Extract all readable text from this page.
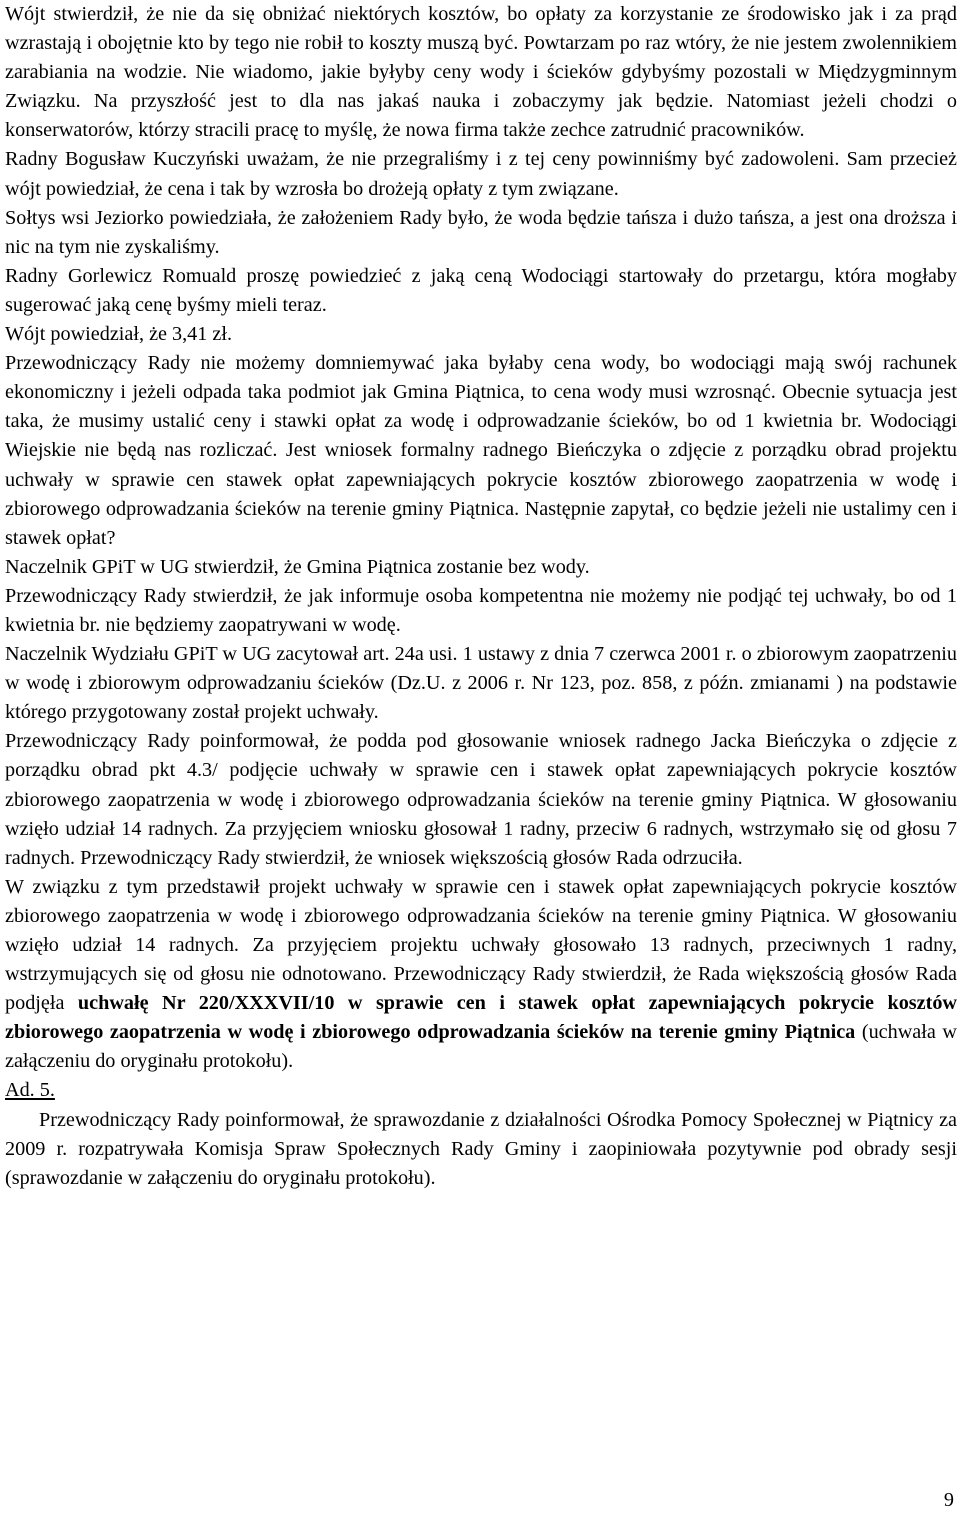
Wójt stwierdził, że nie da się obniżać niektórych kosztów, bo opłaty za korzystanie ze środowisko jak i za prąd wzrastają i obojętnie kto by tego nie robił to koszty muszą być. Powtarzam po raz wtóry, że nie jestem zwolennikiem zarabiania na wodzie. Nie wiadomo, jakie byłyby ceny wody i ścieków gdybyśmy pozostali w Międzygminnym Związku. Na przyszłość jest to dla nas jakaś nauka i zobaczymy jak będzie. Natomiast jeżeli chodzi o konserwatorów, którzy stracili pracę to myślę, że nowa firma także zechce zatrudnić pracowników.

Radny Bogusław Kuczyński uważam, że nie przegraliśmy i z tej ceny powinniśmy być zadowoleni. Sam przecież wójt powiedział, że cena i tak by wzrosła bo drożeją opłaty z tym związane.

Sołtys wsi Jeziorko powiedziała, że założeniem Rady było, że woda będzie tańsza i dużo tańsza, a jest ona droższa i nic na tym nie zyskaliśmy.

Radny Gorlewicz Romuald proszę powiedzieć z jaką ceną Wodociągi startowały do przetargu, która mogłaby sugerować jaką cenę byśmy mieli teraz.

Wójt powiedział, że 3,41 zł.

Przewodniczący Rady nie możemy domniemywać jaka byłaby cena wody, bo wodociągi mają swój rachunek ekonomiczny i jeżeli odpada taka podmiot jak Gmina Piątnica, to cena wody musi wzrosnąć. Obecnie sytuacja jest taka, że musimy ustalić ceny i stawki opłat za wodę i odprowadzanie ścieków, bo od 1 kwietnia br. Wodociągi Wiejskie nie będą nas rozliczać. Jest wniosek formalny radnego Bieńczyka o zdjęcie z porządku obrad projektu uchwały w sprawie cen stawek opłat zapewniających pokrycie kosztów zbiorowego zaopatrzenia w wodę i zbiorowego odprowadzania ścieków na terenie gminy Piątnica. Następnie zapytał, co będzie jeżeli nie ustalimy cen i stawek opłat?

Naczelnik GPiT w UG stwierdził, że Gmina Piątnica zostanie bez wody.

Przewodniczący Rady stwierdził, że jak informuje osoba kompetentna nie możemy nie podjąć tej uchwały, bo od 1 kwietnia br. nie będziemy zaopatrywani w wodę.

Naczelnik Wydziału GPiT w UG zacytował art. 24a usi. 1 ustawy z dnia 7 czerwca 2001 r. o zbiorowym zaopatrzeniu w wodę i zbiorowym odprowadzaniu ścieków (Dz.U. z 2006 r. Nr 123, poz. 858, z późn. zmianami ) na podstawie którego przygotowany został projekt uchwały.

Przewodniczący Rady poinformował, że podda pod głosowanie wniosek radnego Jacka Bieńczyka o zdjęcie z porządku obrad pkt 4.3/ podjęcie uchwały w sprawie cen i stawek opłat zapewniających pokrycie kosztów zbiorowego zaopatrzenia w wodę i zbiorowego odprowadzania ścieków na terenie gminy Piątnica. W głosowaniu wzięło udział 14 radnych. Za przyjęciem wniosku głosował 1 radny, przeciw 6 radnych, wstrzymało się od głosu 7 radnych. Przewodniczący Rady stwierdził, że wniosek większością głosów Rada odrzuciła.

W związku z tym przedstawił projekt uchwały w sprawie cen i stawek opłat zapewniających pokrycie kosztów zbiorowego zaopatrzenia w wodę i zbiorowego odprowadzania ścieków na terenie gminy Piątnica. W głosowaniu wzięło udział 14 radnych. Za przyjęciem projektu uchwały głosowało 13 radnych, przeciwnych 1 radny, wstrzymujących się od głosu nie odnotowano. Przewodniczący Rady stwierdził, że Rada większością głosów Rada podjęła uchwałę Nr 220/XXXVII/10 w sprawie cen i stawek opłat zapewniających pokrycie kosztów zbiorowego zaopatrzenia w wodę i zbiorowego odprowadzania ścieków na terenie gminy Piątnica (uchwała w załączeniu do oryginału protokołu).

Ad. 5.

Przewodniczący Rady poinformował, że sprawozdanie z działalności Ośrodka Pomocy Społecznej w Piątnicy za 2009 r. rozpatrywała Komisja Spraw Społecznych Rady Gminy i zaopiniowała pozytywnie pod obrady sesji (sprawozdanie w załączeniu do oryginału protokołu).

9
